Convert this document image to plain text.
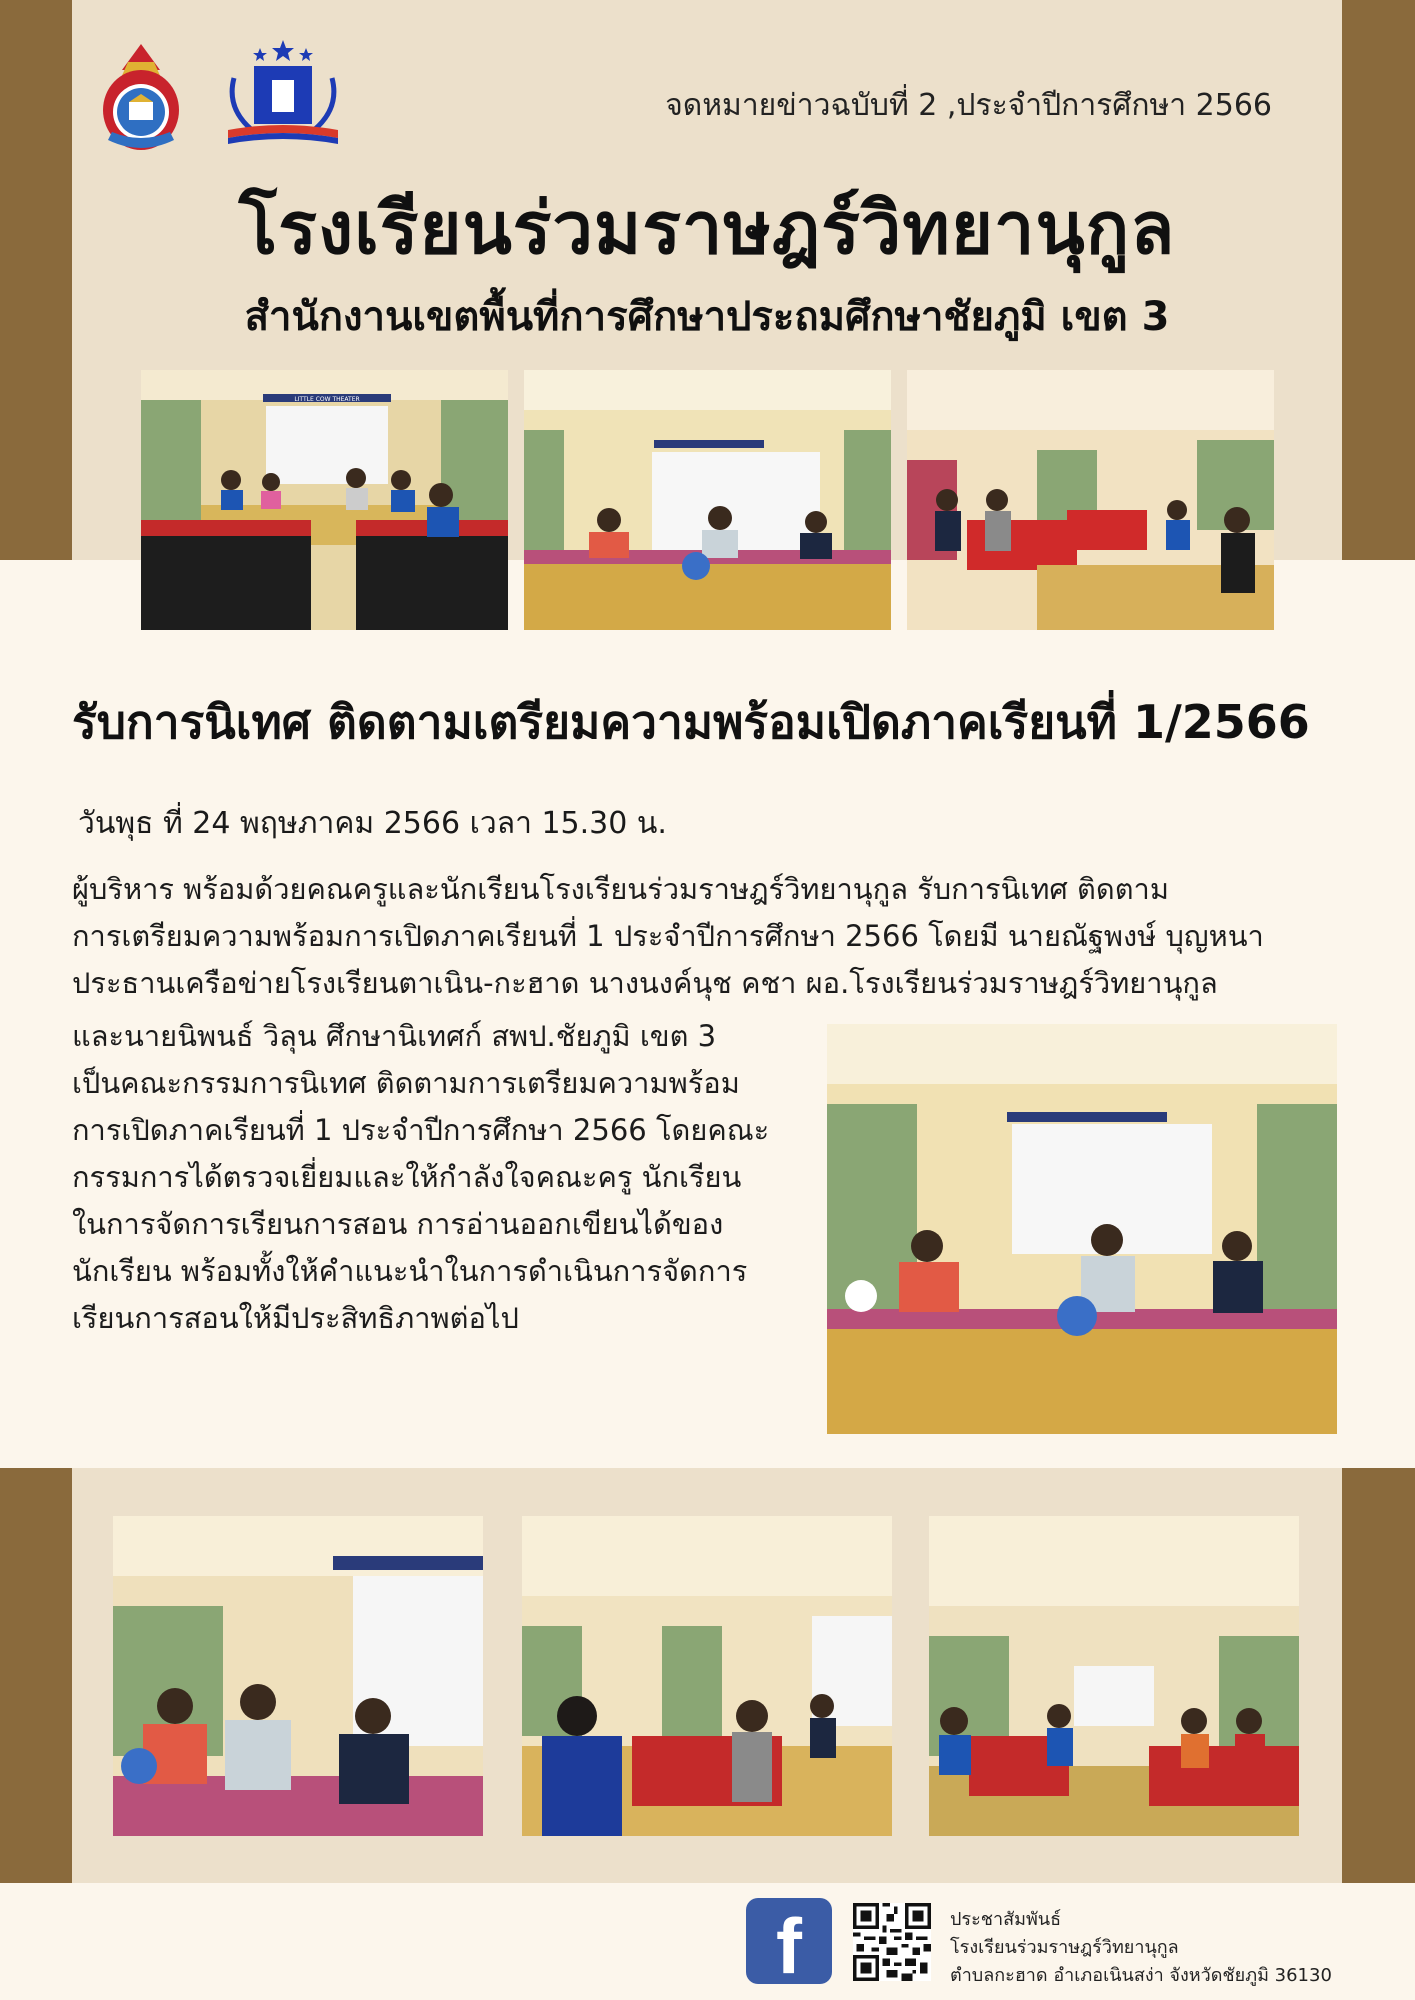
จดหมายข่าวฉบับที่ 2 ,ประจำปีการศึกษา 2566
โรงเรียนร่วมราษฎร์วิทยานุกูล
สำนักงานเขตพื้นที่การศึกษาประถมศึกษาชัยภูมิ เขต 3
LITTLE COW THEATER
รับการนิเทศ ติดตามเตรียมความพร้อมเปิดภาคเรียนที่ 1/2566
วันพุธ ที่ 24 พฤษภาคม 2566 เวลา 15.30 น.
ผู้บริหาร พร้อมด้วยคณครูและนักเรียนโรงเรียนร่วมราษฎร์วิทยานุกูล รับการนิเทศ ติดตาม
การเตรียมความพร้อมการเปิดภาคเรียนที่ 1 ประจำปีการศึกษา 2566 โดยมี นายณัฐพงษ์ บุญหนา
ประธานเครือข่ายโรงเรียนตาเนิน-กะฮาด นางนงค์นุช คชา ผอ.โรงเรียนร่วมราษฎร์วิทยานุกูล
และนายนิพนธ์ วิลุน ศึกษานิเทศก์ สพป.ชัยภูมิ เขต 3
เป็นคณะกรรมการนิเทศ ติดตามการเตรียมความพร้อม
การเปิดภาคเรียนที่ 1 ประจำปีการศึกษา 2566 โดยคณะ
กรรมการได้ตรวจเยี่ยมและให้กำลังใจคณะครู นักเรียน
ในการจัดการเรียนการสอน การอ่านออกเขียนได้ของ
นักเรียน พร้อมทั้งให้คำแนะนำในการดำเนินการจัดการ
เรียนการสอนให้มีประสิทธิภาพต่อไป
f	ประชาสัมพันธ์
โรงเรียนร่วมราษฎร์วิทยานุกูล
ตำบลกะฮาด อำเภอเนินสง่า จังหวัดชัยภูมิ 36130
